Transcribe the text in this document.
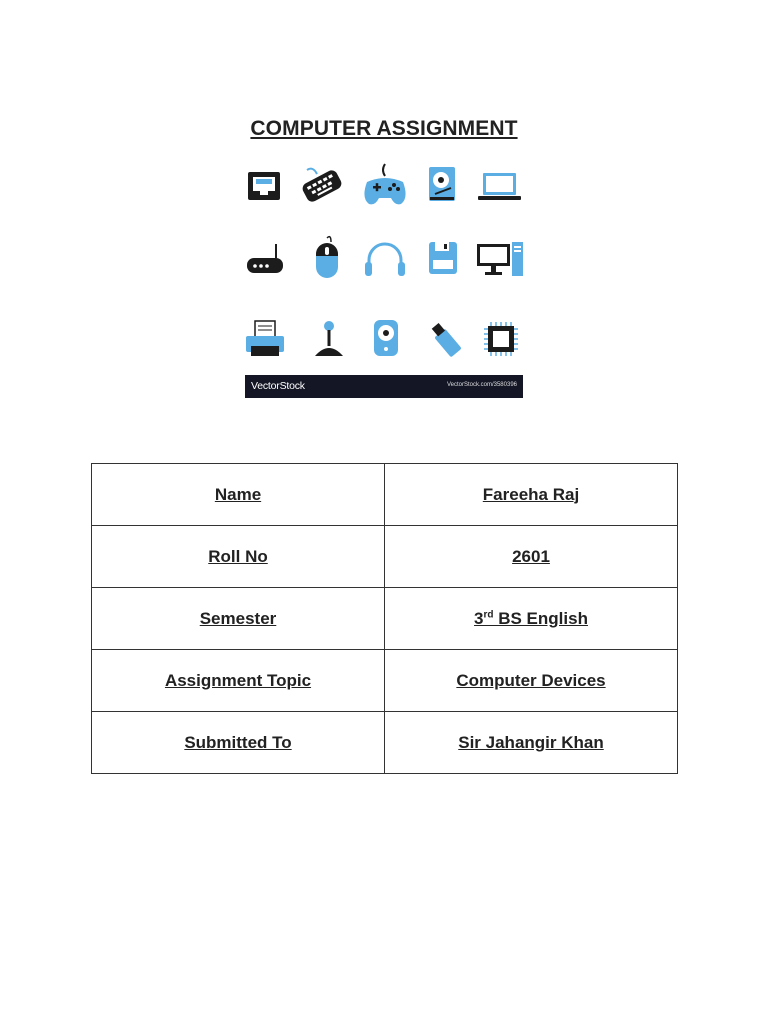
COMPUTER ASSIGNMENT
VectorStock	VectorStock.com/3580396
Name	Fareeha Raj
Roll No	2601
Semester	3rd BS English
Assignment Topic	Computer Devices
Submitted To	Sir Jahangir Khan
